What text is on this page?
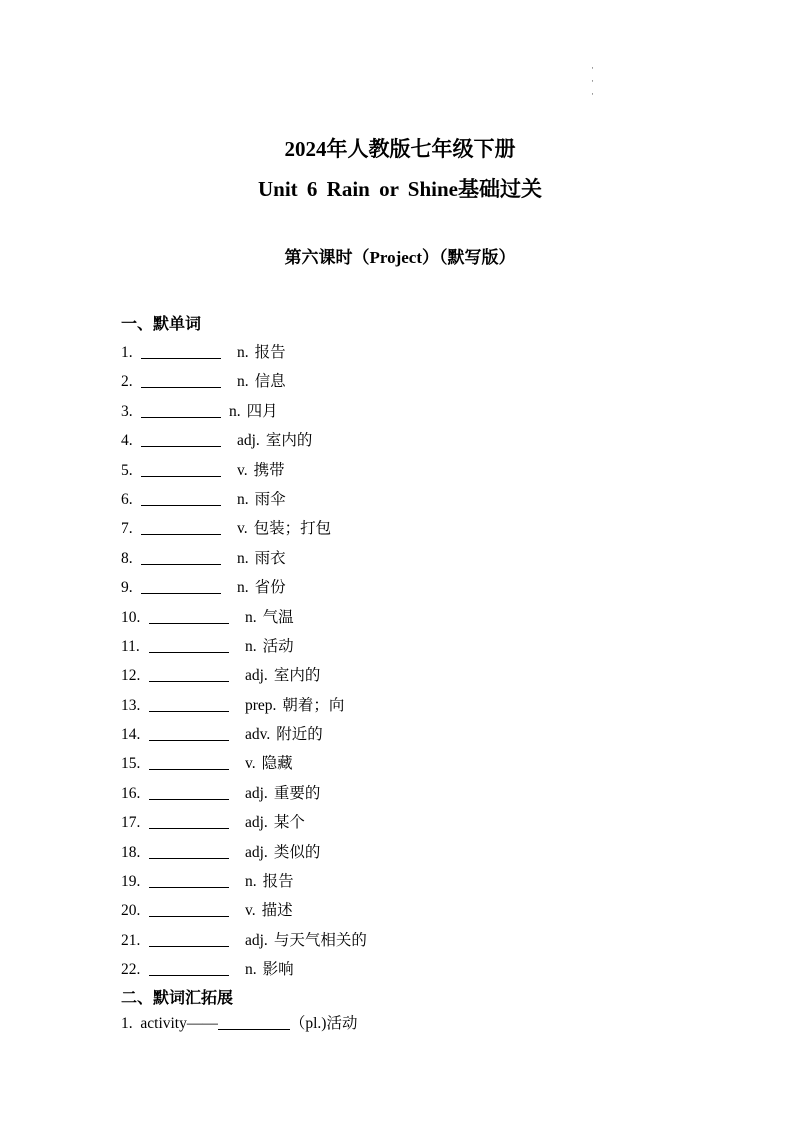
·
·
·
2024年人教版七年级下册
Unit 6 Rain or Shine基础过关
第六课时（Project）（默写版）
一、默单词
1.	n. 报告
2.	n. 信息
3.	n. 四月
4.	adj. 室内的
5.	v. 携带
6.	n. 雨伞
7.	v. 包装；打包
8.	n. 雨衣
9.	n. 省份
10.	n. 气温
11.	n. 活动
12.	adj. 室内的
13.	prep. 朝着；向
14.	adv. 附近的
15.	v. 隐藏
16.	adj. 重要的
17.	adj. 某个
18.	adj. 类似的
19.	n. 报告
20.	v. 描述
21.	adj. 与天气相关的
22.	n. 影响
二、默词汇拓展
1. activity——	（pl.)活动
